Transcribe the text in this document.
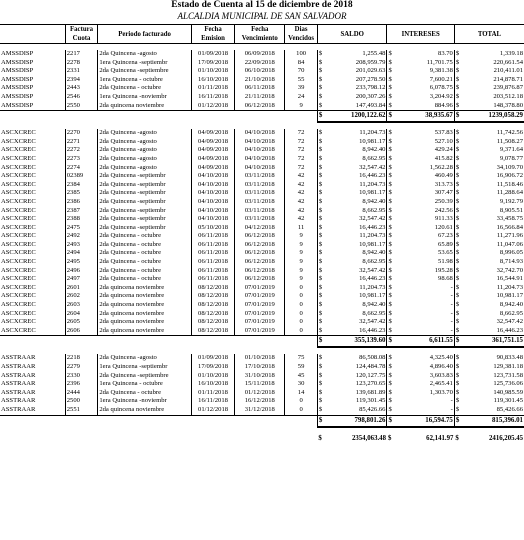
Estado de Cuenta al 15 de diciembre de 2018
ALCALDIA MUNICIPAL DE SAN SALVADOR
	Factura Cuota	Periodo facturado	Fecha Emision	Fecha Vencimiento	Dias Vencidos	SALDO		INTERESES		TOTAL	

AMSSDISP	2217	2da Quincena -agosto	01/09/2018	06/09/2018	100	$	1,255.48	$	83.70	$	1,339.18
AMSSDISP	2278	1era Quincena -septiembr	17/09/2018	22/09/2018	84	$	208,959.79	$	11,701.75	$	220,661.54
AMSSDISP	2331	2da Quincena -septiembre	01/10/2018	06/10/2018	70	$	201,029.63	$	9,381.38	$	210,411.01
AMSSDISP	2394	1era Quincena - octubre	16/10/2018	21/10/2018	55	$	207,278.50	$	7,600.21	$	214,878.71
AMSSDISP	2443	2da Quincena - octubre	01/11/2018	06/11/2018	39	$	233,798.12	$	6,078.75	$	239,876.87
AMSSDISP	2546	1era Quincena -noviembr	16/11/2018	21/11/2018	24	$	200,307.26	$	3,204.92	$	203,512.18
AMSSDISP	2550	2da quincena noviembre	01/12/2018	06/12/2018	9	$	147,493.84	$	884.96	$	148,378.80
						$	1200,122.62	$	38,935.67	$	1239,058.29

ASCXCREC	2270	2da Quincena -agosto	04/09/2018	04/10/2018	72	$	11,204.73	$	537.83	$	11,742.56
ASCXCREC	2271	2da Quincena -agosto	04/09/2018	04/10/2018	72	$	10,981.17	$	527.10	$	11,508.27
ASCXCREC	2272	2da Quincena -agosto	04/09/2018	04/10/2018	72	$	8,942.40	$	429.24	$	9,371.64
ASCXCREC	2273	2da Quincena -agosto	04/09/2018	04/10/2018	72	$	8,662.95	$	415.82	$	9,078.77
ASCXCREC	2274	2da Quincena -agosto	04/09/2018	04/10/2018	72	$	32,547.42	$	1,562.28	$	34,109.70
ASCXCREC	02389	2da Quincena -septiembr	04/10/2018	03/11/2018	42	$	16,446.23	$	460.49	$	16,906.72
ASCXCREC	2384	2da Quincena -septiembr	04/10/2018	03/11/2018	42	$	11,204.73	$	313.73	$	11,518.46
ASCXCREC	2385	2da Quincena -septiembr	04/10/2018	03/11/2018	42	$	10,981.17	$	307.47	$	11,288.64
ASCXCREC	2386	2da Quincena -septiembr	04/10/2018	03/11/2018	42	$	8,942.40	$	250.39	$	9,192.79
ASCXCREC	2387	2da Quincena -septiembr	04/10/2018	03/11/2018	42	$	8,662.95	$	242.56	$	8,905.51
ASCXCREC	2388	2da Quincena -septiembr	04/10/2018	03/11/2018	42	$	32,547.42	$	911.33	$	33,458.75
ASCXCREC	2475	2da Quincena -septiembr	05/10/2018	04/12/2018	11	$	16,446.23	$	120.61	$	16,566.84
ASCXCREC	2492	2da Quincena - octubre	06/11/2018	06/12/2018	9	$	11,204.73	$	67.23	$	11,271.96
ASCXCREC	2493	2da Quincena - octubre	06/11/2018	06/12/2018	9	$	10,981.17	$	65.89	$	11,047.06
ASCXCREC	2494	2da Quincena - octubre	06/11/2018	06/12/2018	9	$	8,942.40	$	53.65	$	8,996.05
ASCXCREC	2495	2da Quincena - octubre	06/11/2018	06/12/2018	9	$	8,662.95	$	51.98	$	8,714.93
ASCXCREC	2496	2da Quincena - octubre	06/11/2018	06/12/2018	9	$	32,547.42	$	195.28	$	32,742.70
ASCXCREC	2497	2da Quincena - octubre	06/11/2018	06/12/2018	9	$	16,446.23	$	98.68	$	16,544.91
ASCXCREC	2601	2da quincena noviembre	08/12/2018	07/01/2019	0	$	11,204.73	$	-	$	11,204.73
ASCXCREC	2602	2da quincena noviembre	08/12/2018	07/01/2019	0	$	10,981.17	$	-	$	10,981.17
ASCXCREC	2603	2da quincena noviembre	08/12/2018	07/01/2019	0	$	8,942.40	$	-	$	8,942.40
ASCXCREC	2604	2da quincena noviembre	08/12/2018	07/01/2019	0	$	8,662.95	$	-	$	8,662.95
ASCXCREC	2605	2da quincena noviembre	08/12/2018	07/01/2019	0	$	32,547.42	$	-	$	32,547.42
ASCXCREC	2606	2da quincena noviembre	08/12/2018	07/01/2019	0	$	16,446.23	$	-	$	16,446.23
						$	355,139.60	$	6,611.55	$	361,751.15

ASSTRAAR	2218	2da Quincena -agosto	01/09/2018	01/10/2018	75	$	86,508.08	$	4,325.40	$	90,833.48
ASSTRAAR	2279	1era Quincena -septiembr	17/09/2018	17/10/2018	59	$	124,484.78	$	4,896.40	$	129,381.18
ASSTRAAR	2330	2da Quincena -septiembre	01/10/2018	31/10/2018	45	$	120,127.75	$	3,603.83	$	123,731.58
ASSTRAAR	2396	1era Quincena - octubre	16/10/2018	15/11/2018	30	$	123,270.65	$	2,465.41	$	125,736.06
ASSTRAAR	2444	2da Quincena - octubre	01/11/2018	01/12/2018	14	$	139,681.89	$	1,303.70	$	140,985.59
ASSTRAAR	2500	1era Quincena -noviembr	16/11/2018	16/12/2018	0	$	119,301.45	$	-	$	119,301.45
ASSTRAAR	2551	2da quincena noviembre	01/12/2018	31/12/2018	0	$	85,426.66	$	-	$	85,426.66
						$	798,801.26	$	16,594.75	$	815,396.01

						$	2354,063.48	$	62,141.97	$	2416,205.45
